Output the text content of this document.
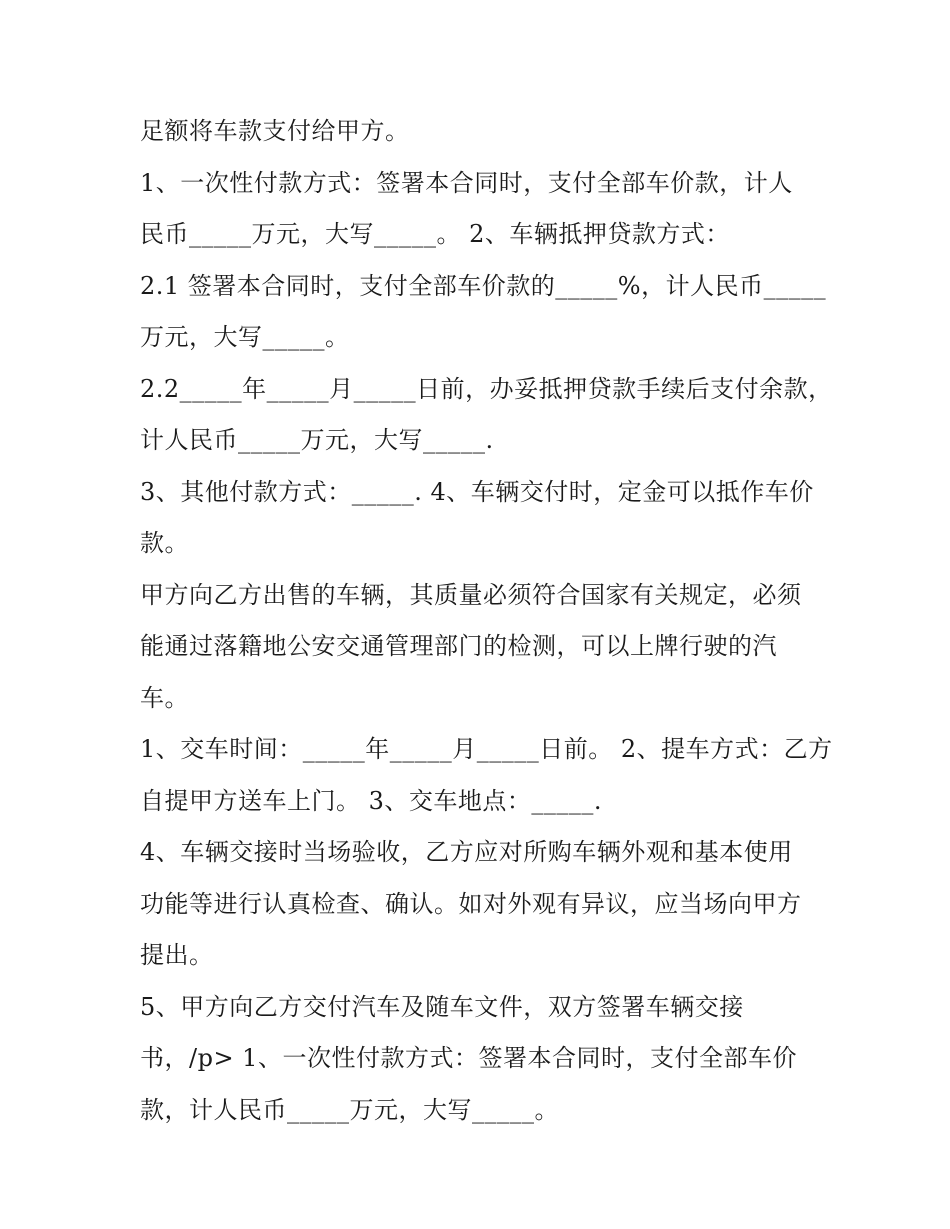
足额将车款支付给甲方。
1、一次性付款方式：签署本合同时，支付全部车价款，计人
民币_____万元，大写_____。 2、车辆抵押贷款方式：
2.1 签署本合同时，支付全部车价款的_____%，计人民币_____
万元，大写_____。
2.2_____年_____月_____日前，办妥抵押贷款手续后支付余款，
计人民币_____万元，大写_____.
3、其他付款方式：_____. 4、车辆交付时，定金可以抵作车价
款。
甲方向乙方出售的车辆，其质量必须符合国家有关规定，必须
能通过落籍地公安交通管理部门的检测，可以上牌行驶的汽
车。
1、交车时间：_____年_____月_____日前。 2、提车方式：乙方
自提甲方送车上门。 3、交车地点：_____.
4、车辆交接时当场验收，乙方应对所购车辆外观和基本使用
功能等进行认真检查、确认。如对外观有异议，应当场向甲方
提出。
5、甲方向乙方交付汽车及随车文件，双方签署车辆交接
书，/p> 1、一次性付款方式：签署本合同时，支付全部车价
款，计人民币_____万元，大写_____。
